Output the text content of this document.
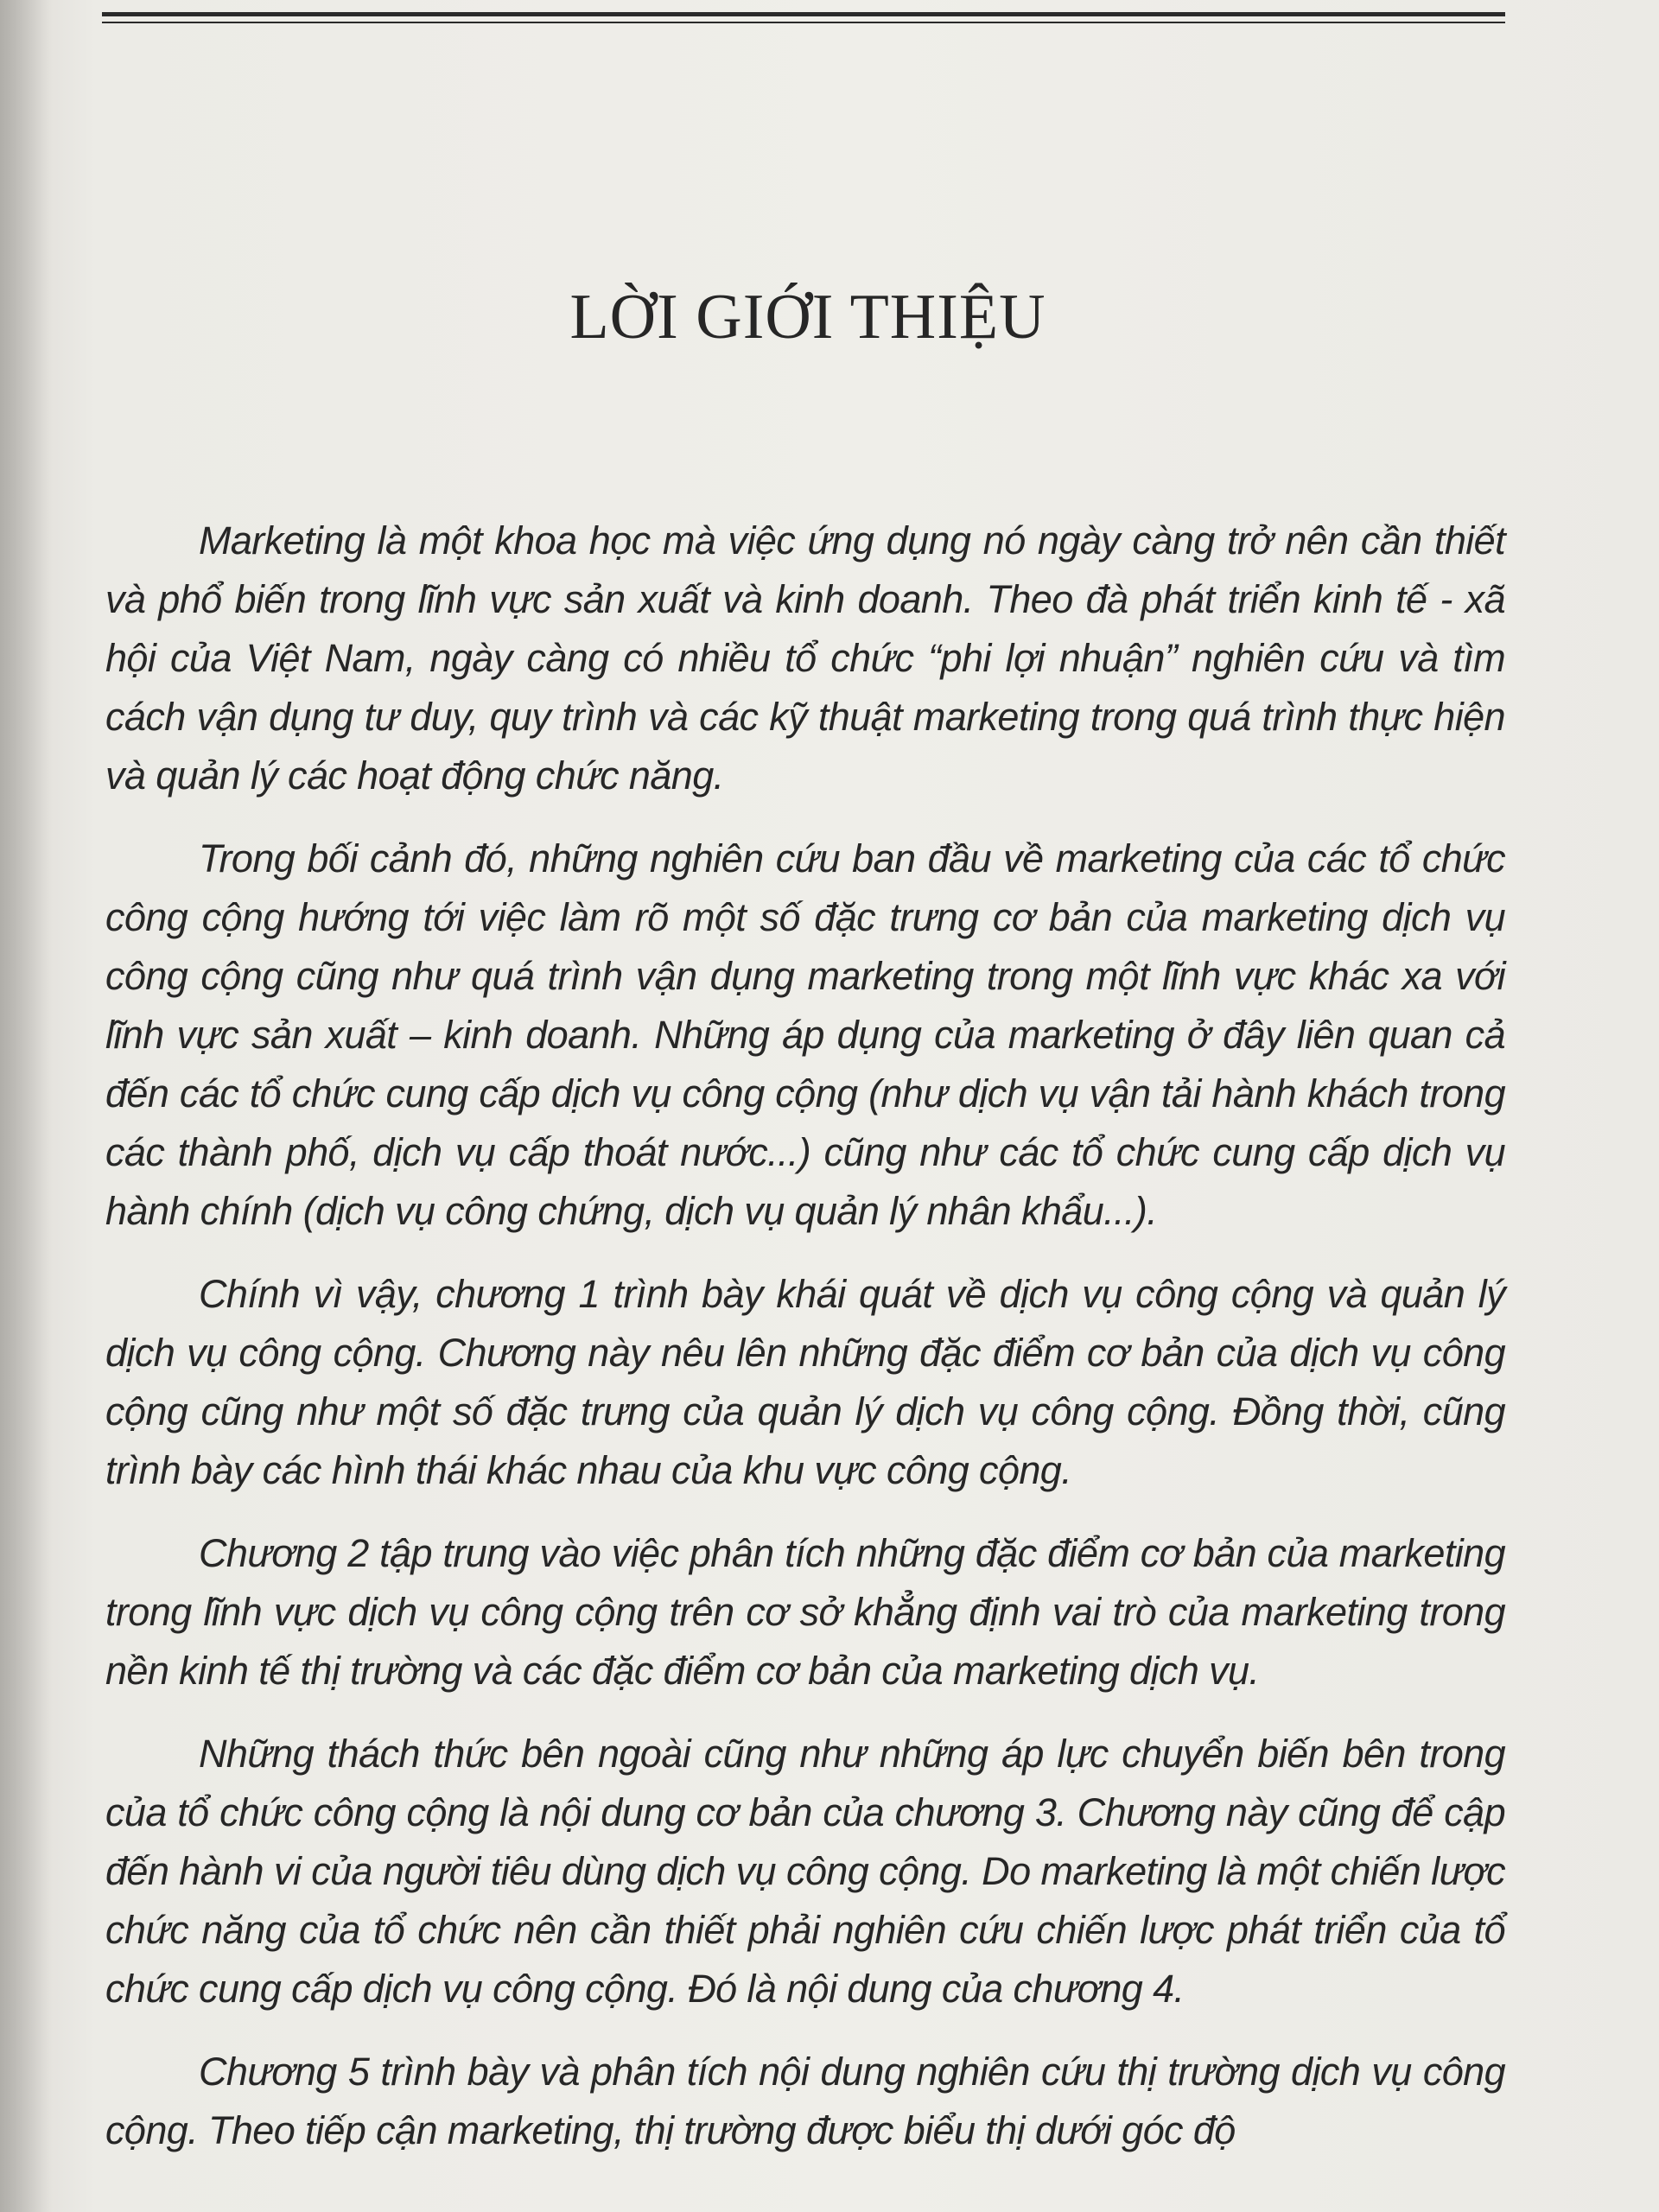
LỜI GIỚI THIỆU

Marketing là một khoa học mà việc ứng dụng nó ngày càng trở nên cần thiết và phổ biến trong lĩnh vực sản xuất và kinh doanh. Theo đà phát triển kinh tế - xã hội của Việt Nam, ngày càng có nhiều tổ chức “phi lợi nhuận” nghiên cứu và tìm cách vận dụng tư duy, quy trình và các kỹ thuật marketing trong quá trình thực hiện và quản lý các hoạt động chức năng.

Trong bối cảnh đó, những nghiên cứu ban đầu về marketing của các tổ chức công cộng hướng tới việc làm rõ một số đặc trưng cơ bản của marketing dịch vụ công cộng cũng như quá trình vận dụng marketing trong một lĩnh vực khác xa với lĩnh vực sản xuất – kinh doanh. Những áp dụng của marketing ở đây liên quan cả đến các tổ chức cung cấp dịch vụ công cộng (như dịch vụ vận tải hành khách trong các thành phố, dịch vụ cấp thoát nước...) cũng như các tổ chức cung cấp dịch vụ hành chính (dịch vụ công chứng, dịch vụ quản lý nhân khẩu...).

Chính vì vậy, chương 1 trình bày khái quát về dịch vụ công cộng và quản lý dịch vụ công cộng. Chương này nêu lên những đặc điểm cơ bản của dịch vụ công cộng cũng như một số đặc trưng của quản lý dịch vụ công cộng. Đồng thời, cũng trình bày các hình thái khác nhau của khu vực công cộng.

Chương 2 tập trung vào việc phân tích những đặc điểm cơ bản của marketing trong lĩnh vực dịch vụ công cộng trên cơ sở khẳng định vai trò của marketing trong nền kinh tế thị trường và các đặc điểm cơ bản của marketing dịch vụ.

Những thách thức bên ngoài cũng như những áp lực chuyển biến bên trong của tổ chức công cộng là nội dung cơ bản của chương 3. Chương này cũng để cập đến hành vi của người tiêu dùng dịch vụ công cộng. Do marketing là một chiến lược chức năng của tổ chức nên cần thiết phải nghiên cứu chiến lược phát triển của tổ chức cung cấp dịch vụ công cộng. Đó là nội dung của chương 4.

Chương 5 trình bày và phân tích nội dung nghiên cứu thị trường dịch vụ công cộng. Theo tiếp cận marketing, thị trường được biểu thị dưới góc độ
